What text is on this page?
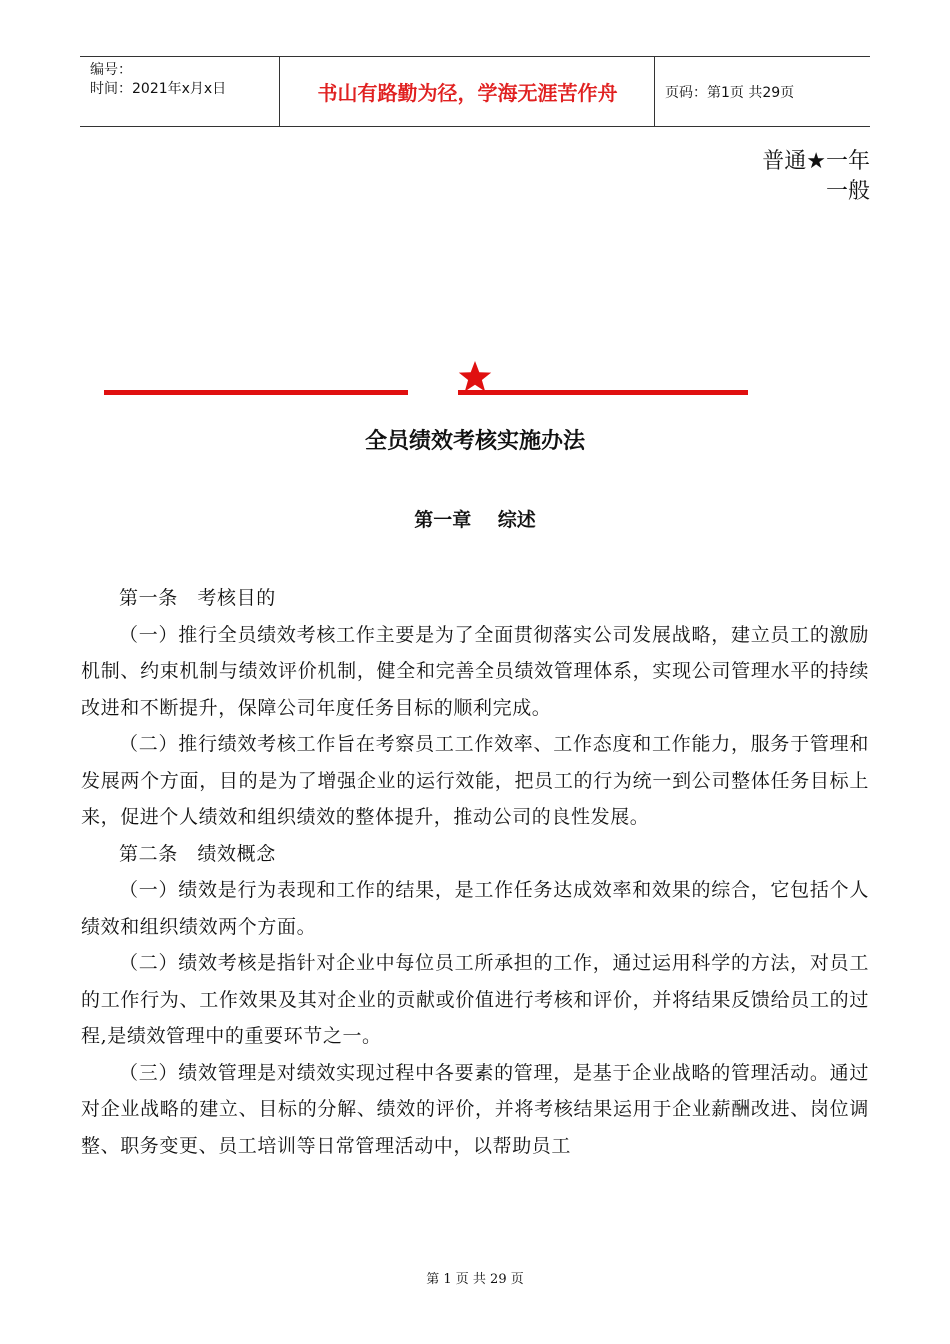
编号：
时间：2021年x月x日	书山有路勤为径，学海无涯苦作舟	页码：第1页 共29页
普通★一年
一般
全员绩效考核实施办法
第一章 综述

第一条　考核目的

（一）推行全员绩效考核工作主要是为了全面贯彻落实公司发展战略，建立员工的激励机制、约束机制与绩效评价机制，健全和完善全员绩效管理体系，实现公司管理水平的持续改进和不断提升，保障公司年度任务目标的顺利完成。

（二）推行绩效考核工作旨在考察员工工作效率、工作态度和工作能力，服务于管理和发展两个方面，目的是为了增强企业的运行效能，把员工的行为统一到公司整体任务目标上来，促进个人绩效和组织绩效的整体提升，推动公司的良性发展。

第二条　绩效概念

（一）绩效是行为表现和工作的结果，是工作任务达成效率和效果的综合，它包括个人绩效和组织绩效两个方面。

（二）绩效考核是指针对企业中每位员工所承担的工作，通过运用科学的方法，对员工的工作行为、工作效果及其对企业的贡献或价值进行考核和评价，并将结果反馈给员工的过程,是绩效管理中的重要环节之一。

（三）绩效管理是对绩效实现过程中各要素的管理，是基于企业战略的管理活动。通过对企业战略的建立、目标的分解、绩效的评价，并将考核结果运用于企业薪酬改进、岗位调整、职务变更、员工培训等日常管理活动中，以帮助员工

第 1 页 共 29 页
